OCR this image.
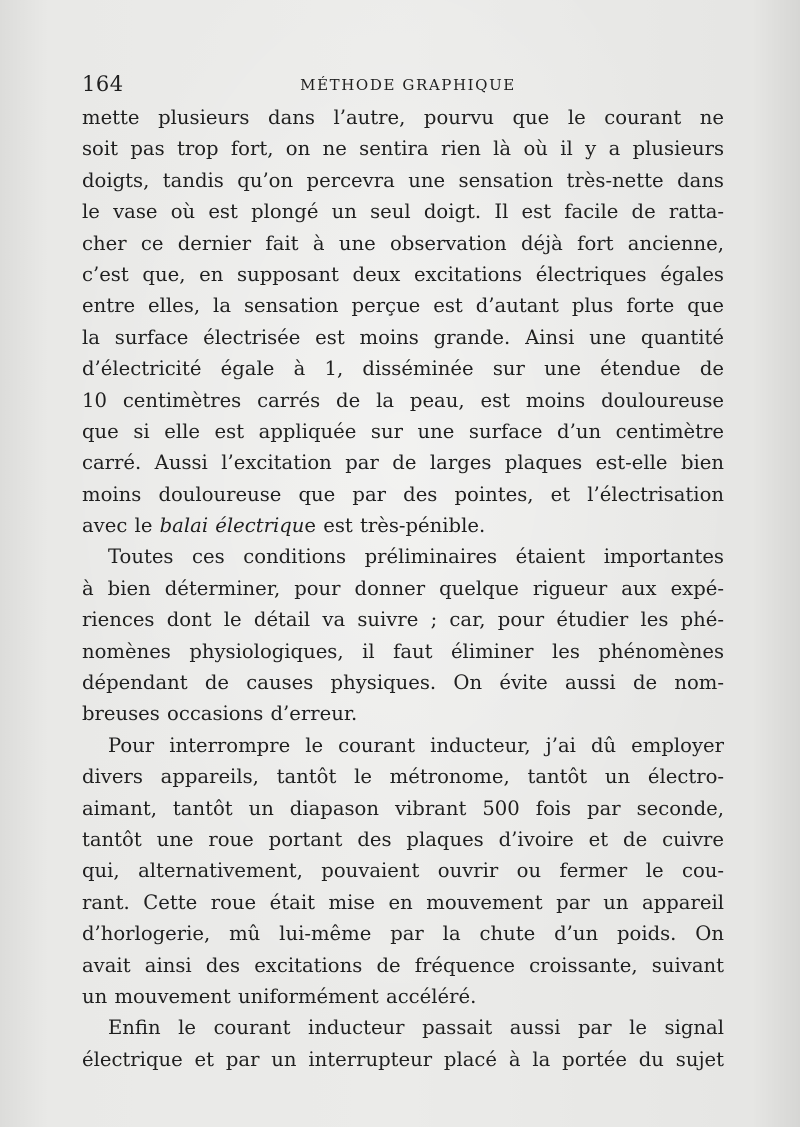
164	MÉTHODE GRAPHIQUE
mette plusieurs dans l’autre, pourvu que le courant ne
soit pas trop fort, on ne sentira rien là où il y a plusieurs
doigts, tandis qu’on percevra une sensation très-nette dans
le vase où est plongé un seul doigt. Il est facile de ratta-
cher ce dernier fait à une observation déjà fort ancienne,
c’est que, en supposant deux excitations électriques égales
entre elles, la sensation perçue est d’autant plus forte que
la surface électrisée est moins grande. Ainsi une quantité
d’électricité égale à 1, disséminée sur une étendue de
10 centimètres carrés de la peau, est moins douloureuse
que si elle est appliquée sur une surface d’un centimètre
carré. Aussi l’excitation par de larges plaques est-elle bien
moins douloureuse que par des pointes, et l’électrisation
avec le balai électrique est très-pénible.
Toutes ces conditions préliminaires étaient importantes
à bien déterminer, pour donner quelque rigueur aux expé-
riences dont le détail va suivre ; car, pour étudier les phé-
nomènes physiologiques, il faut éliminer les phénomènes
dépendant de causes physiques. On évite aussi de nom-
breuses occasions d’erreur.
Pour interrompre le courant inducteur, j’ai dû employer
divers appareils, tantôt le métronome, tantôt un électro-
aimant, tantôt un diapason vibrant 500 fois par seconde,
tantôt une roue portant des plaques d’ivoire et de cuivre
qui, alternativement, pouvaient ouvrir ou fermer le cou-
rant. Cette roue était mise en mouvement par un appareil
d’horlogerie, mû lui-même par la chute d’un poids. On
avait ainsi des excitations de fréquence croissante, suivant
un mouvement uniformément accéléré.
Enfin le courant inducteur passait aussi par le signal
électrique et par un interrupteur placé à la portée du sujet
